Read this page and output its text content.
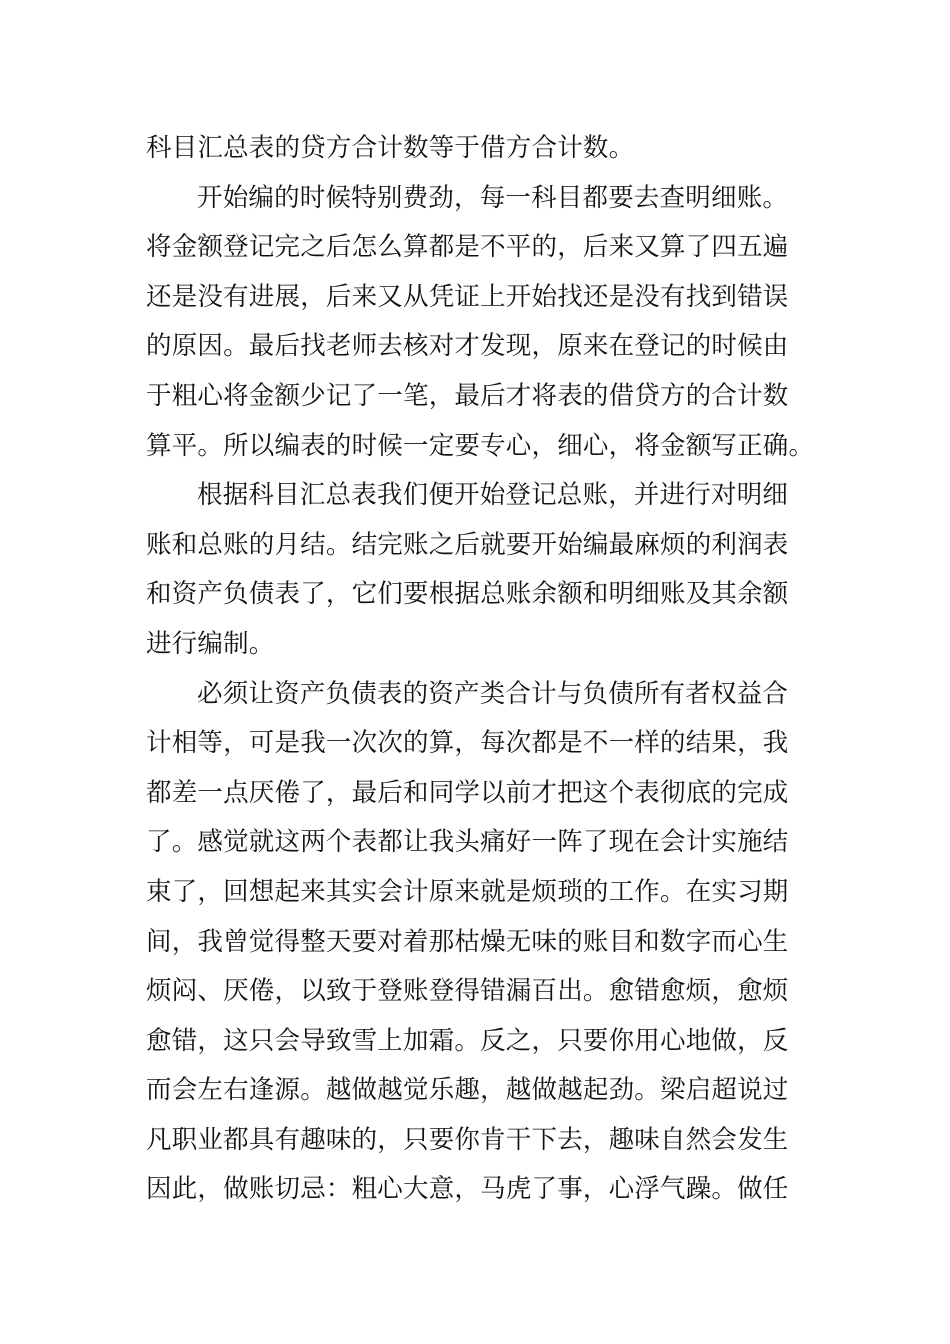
科目汇总表的贷方合计数等于借方合计数。
开始编的时候特别费劲，每一科目都要去查明细账。
将金额登记完之后怎么算都是不平的，后来又算了四五遍
还是没有进展，后来又从凭证上开始找还是没有找到错误
的原因。最后找老师去核对才发现，原来在登记的时候由
于粗心将金额少记了一笔，最后才将表的借贷方的合计数
算平。所以编表的时候一定要专心，细心，将金额写正确。
根据科目汇总表我们便开始登记总账，并进行对明细
账和总账的月结。结完账之后就要开始编最麻烦的利润表
和资产负债表了，它们要根据总账余额和明细账及其余额
进行编制。
必须让资产负债表的资产类合计与负债所有者权益合
计相等，可是我一次次的算，每次都是不一样的结果，我
都差一点厌倦了，最后和同学以前才把这个表彻底的完成
了。感觉就这两个表都让我头痛好一阵了现在会计实施结
束了，回想起来其实会计原来就是烦琐的工作。在实习期
间，我曾觉得整天要对着那枯燥无味的账目和数字而心生
烦闷、厌倦，以致于登账登得错漏百出。愈错愈烦，愈烦
愈错，这只会导致雪上加霜。反之，只要你用心地做，反
而会左右逢源。越做越觉乐趣，越做越起劲。梁启超说过
凡职业都具有趣味的，只要你肯干下去，趣味自然会发生
因此，做账切忌：粗心大意，马虎了事，心浮气躁。做任
